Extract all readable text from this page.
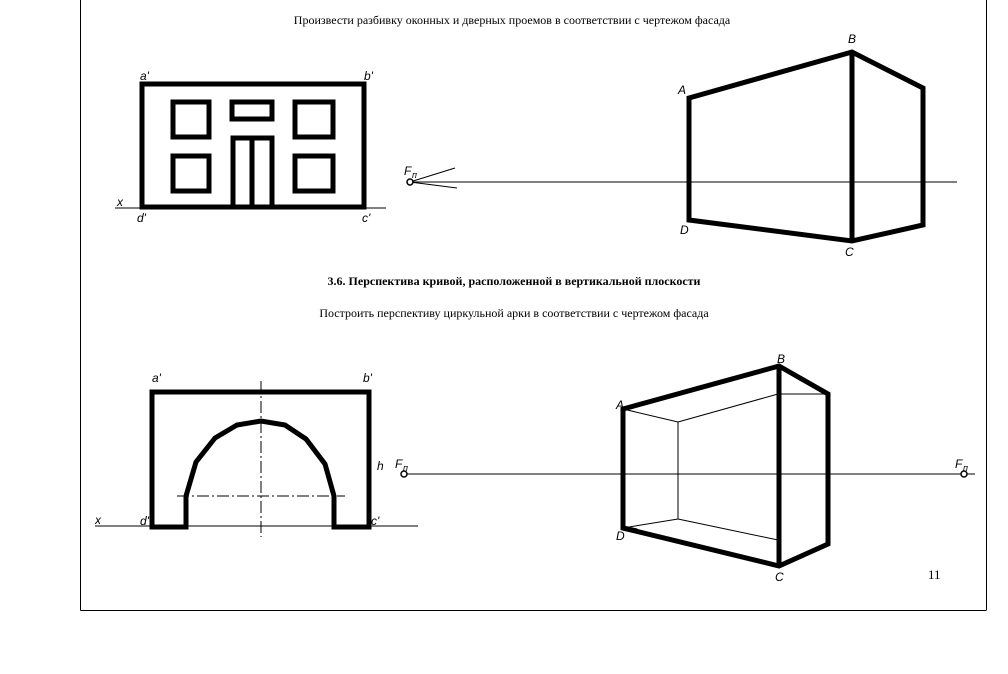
Произвести разбивку оконных и дверных проемов в соответствии с чертежом фасада
3.6. Перспектива кривой, расположенной в вертикальной плоскости
Построить перспективу циркульной арки в соответствии с чертежом фасада
11
a'	b'
c'
d'
x
A
B
C
D
F п
a'	b'
c'
d'
x
A
B
C
D
h F п	F п
